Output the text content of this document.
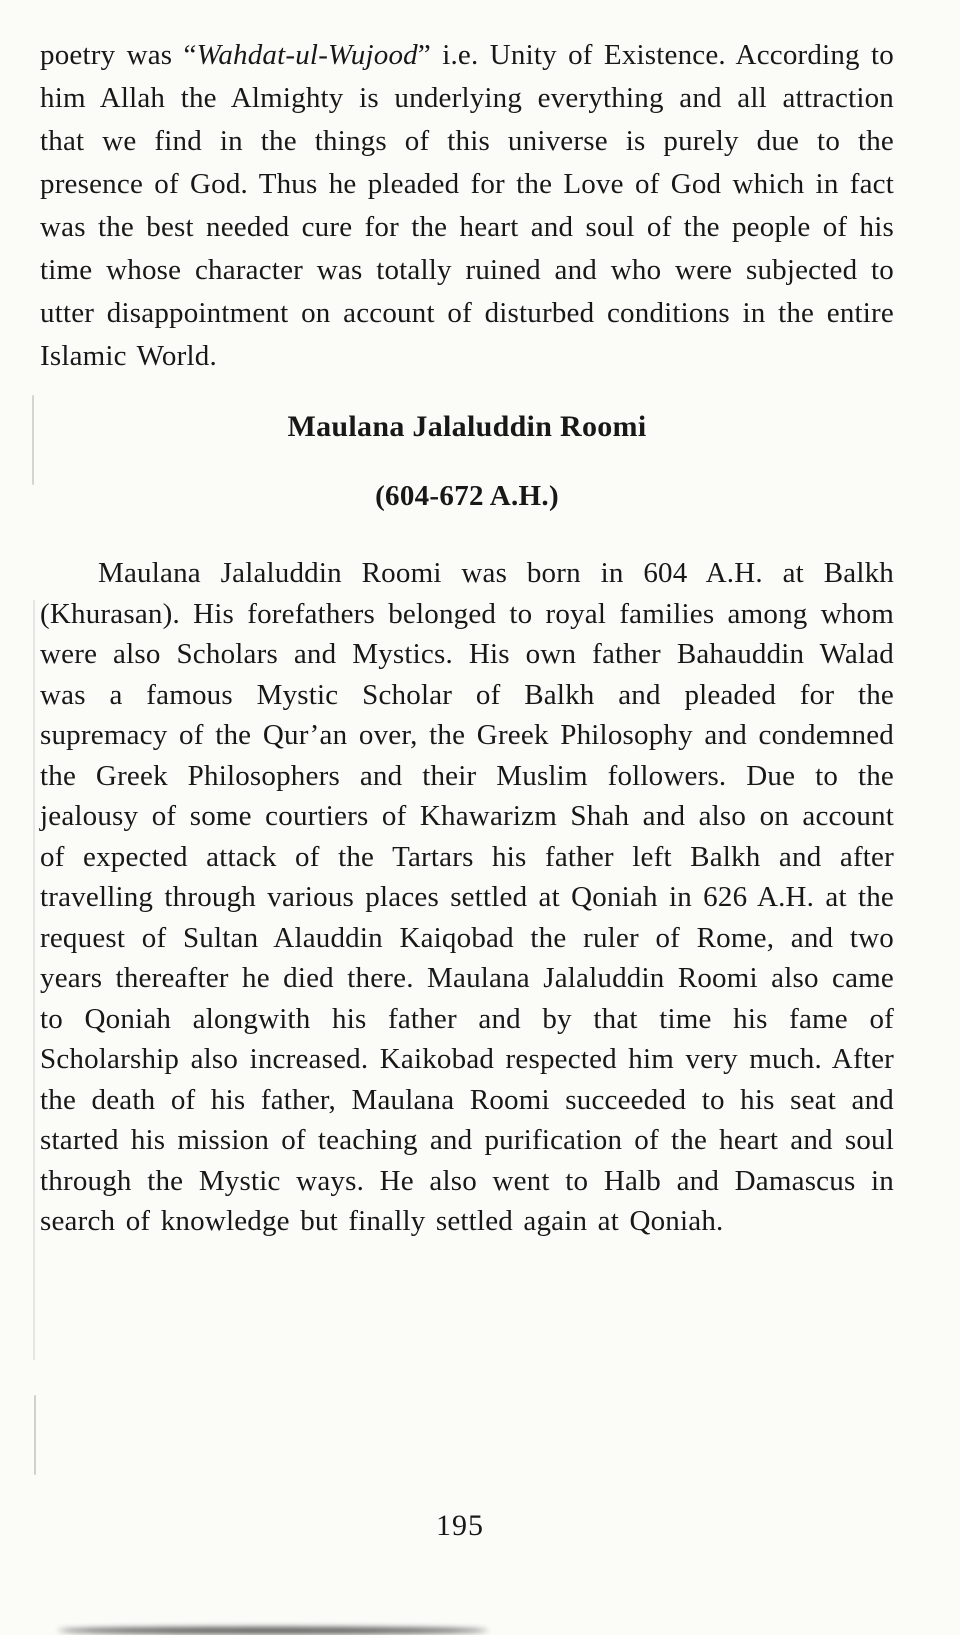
poetry was “Wahdat-ul-Wujood” i.e. Unity of Existence. According to him Allah the Almighty is underlying everything and all attraction that we find in the things of this universe is purely due to the presence of God. Thus he pleaded for the Love of God which in fact was the best needed cure for the heart and soul of the people of his time whose character was totally ruined and who were subjected to utter disappointment on account of disturbed conditions in the entire Islamic World.

Maulana Jalaluddin Roomi
(604-672 A.H.)

Maulana Jalaluddin Roomi was born in 604 A.H. at Balkh (Khurasan). His forefathers belonged to royal families among whom were also Scholars and Mystics. His own father Bahauddin Walad was a famous Mystic Scholar of Balkh and pleaded for the supremacy of the Qur’an over, the Greek Philosophy and condemned the Greek Philosophers and their Muslim followers. Due to the jealousy of some courtiers of Khawarizm Shah and also on account of expected attack of the Tartars his father left Balkh and after travelling through various places settled at Qoniah in 626 A.H. at the request of Sultan Alauddin Kaiqobad the ruler of Rome, and two years thereafter he died there. Maulana Jalaluddin Roomi also came to Qoniah alongwith his father and by that time his fame of Scholarship also increased. Kaikobad respected him very much. After the death of his father, Maulana Roomi succeeded to his seat and started his mission of teaching and purification of the heart and soul through the Mystic ways. He also went to Halb and Damascus in search of knowledge but finally settled again at Qoniah.

195
